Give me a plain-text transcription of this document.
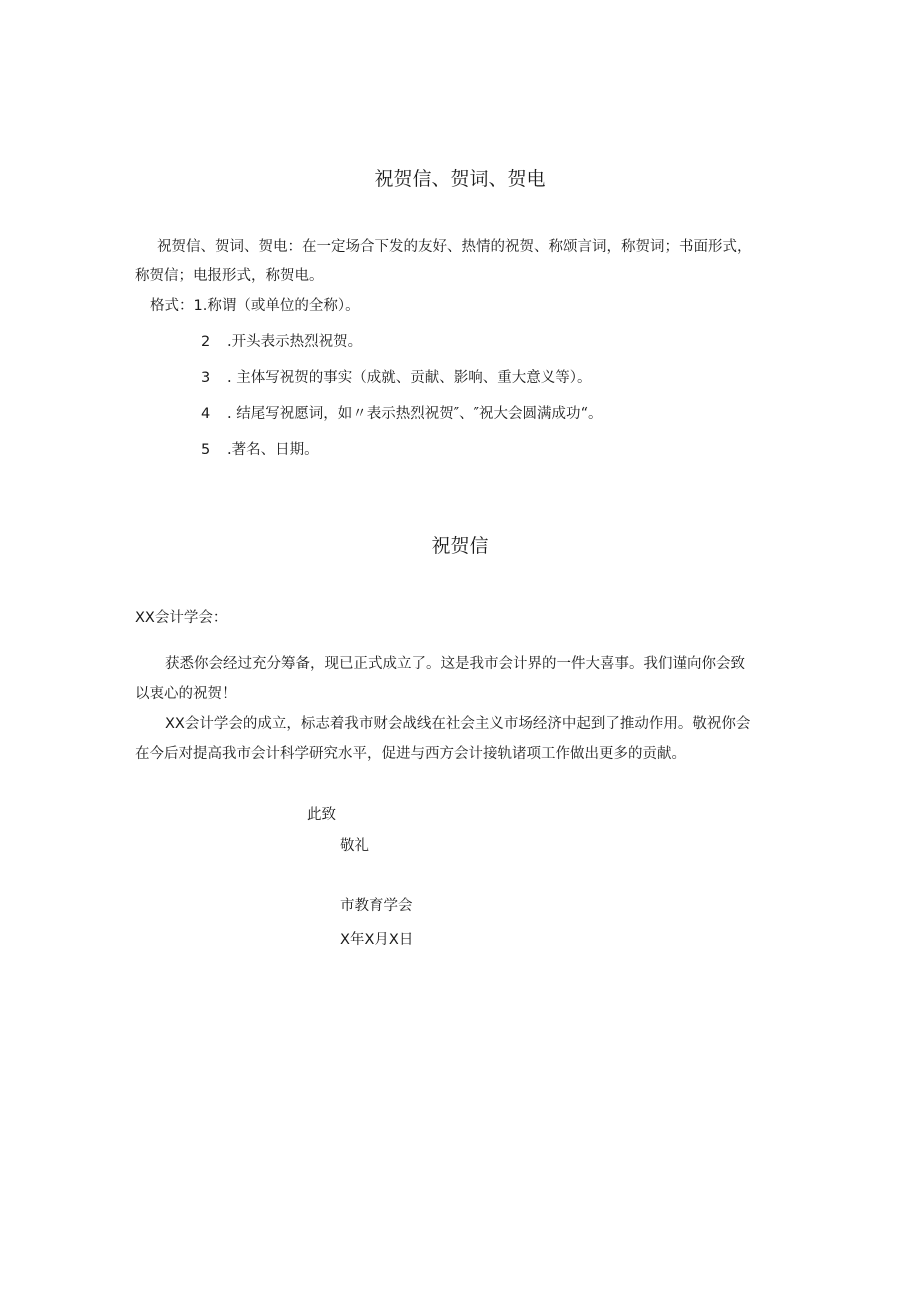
祝贺信、贺词、贺电
祝贺信、贺词、贺电：在一定场合下发的友好、热情的祝贺、称颂言词，称贺词；书面形式，
称贺信；电报形式，称贺电。
格式：1.称谓（或单位的全称）。
2 .开头表示热烈祝贺。
3 . 主体写祝贺的事实（成就、贡献、影响、重大意义等）。
4 . 结尾写祝愿词，如〃表示热烈祝贺″、″祝大会圆满成功“。
5 .著名、日期。
祝贺信
XX会计学会：
获悉你会经过充分筹备，现已正式成立了。这是我市会计界的一件大喜事。我们谨向你会致
以衷心的祝贺！
XX会计学会的成立，标志着我市财会战线在社会主义市场经济中起到了推动作用。敬祝你会
在今后对提高我市会计科学研究水平，促进与西方会计接轨诸项工作做出更多的贡献。
此致
敬礼
市教育学会
X年X月X日
